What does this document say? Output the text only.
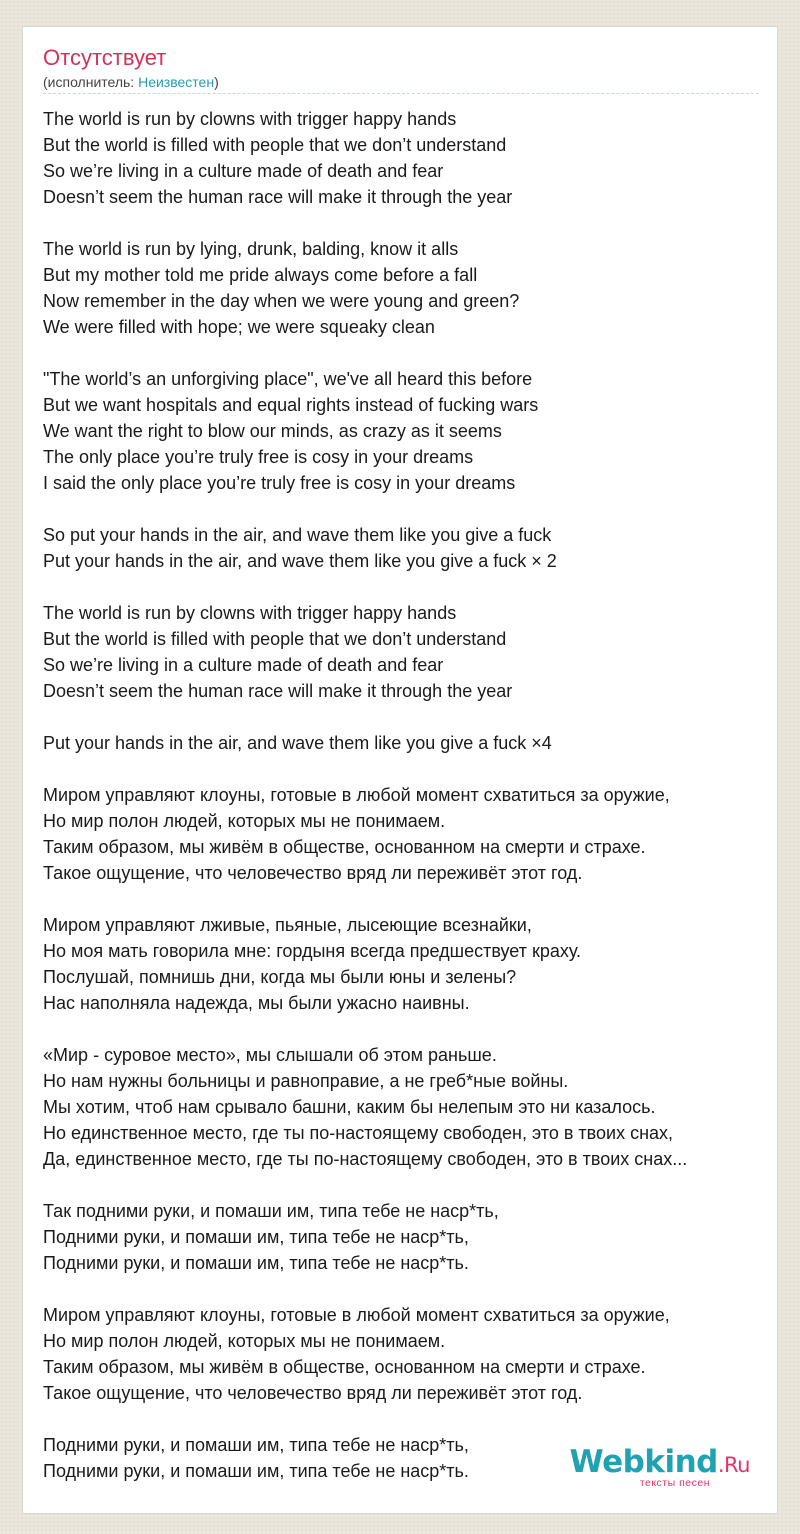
Отсутствует
(исполнитель: Неизвестен)
The world is run by clowns with trigger happy hands
But the world is filled with people that we don’t understand
So we’re living in a culture made of death and fear
Doesn’t seem the human race will make it through the year
The world is run by lying, drunk, balding, know it alls
But my mother told me pride always come before a fall
Now remember in the day when we were young and green?
We were filled with hope; we were squeaky clean
"The world’s an unforgiving place", we've all heard this before
But we want hospitals and equal rights instead of fucking wars
We want the right to blow our minds, as crazy as it seems
The only place you’re truly free is cosy in your dreams
I said the only place you’re truly free is cosy in your dreams
So put your hands in the air, and wave them like you give a fuck
Put your hands in the air, and wave them like you give a fuck × 2
The world is run by clowns with trigger happy hands
But the world is filled with people that we don’t understand
So we’re living in a culture made of death and fear
Doesn’t seem the human race will make it through the year
Put your hands in the air, and wave them like you give a fuck ×4
Миром управляют клоуны, готовые в любой момент схватиться за оружие,
Но мир полон людей, которых мы не понимаем.
Таким образом, мы живём в обществе, основанном на смерти и страхе.
Такое ощущение, что человечество вряд ли переживёт этот год.
Миром управляют лживые, пьяные, лысеющие всезнайки,
Но моя мать говорила мне: гордыня всегда предшествует краху.
Послушай, помнишь дни, когда мы были юны и зелены?
Нас наполняла надежда, мы были ужасно наивны.
«Мир - суровое место», мы слышали об этом раньше.
Но нам нужны больницы и равноправие, а не греб*ные войны.
Мы хотим, чтоб нам срывало башни, каким бы нелепым это ни казалось.
Но единственное место, где ты по-настоящему свободен, это в твоих снах,
Да, единственное место, где ты по-настоящему свободен, это в твоих снах...
Так подними руки, и помаши им, типа тебе не наср*ть,
Подними руки, и помаши им, типа тебе не наср*ть,
Подними руки, и помаши им, типа тебе не наср*ть.
Миром управляют клоуны, готовые в любой момент схватиться за оружие,
Но мир полон людей, которых мы не понимаем.
Таким образом, мы живём в обществе, основанном на смерти и страхе.
Такое ощущение, что человечество вряд ли переживёт этот год.
Подними руки, и помаши им, типа тебе не наср*ть,
Подними руки, и помаши им, типа тебе не наср*ть.	Webkind.Ru
тексты песен
